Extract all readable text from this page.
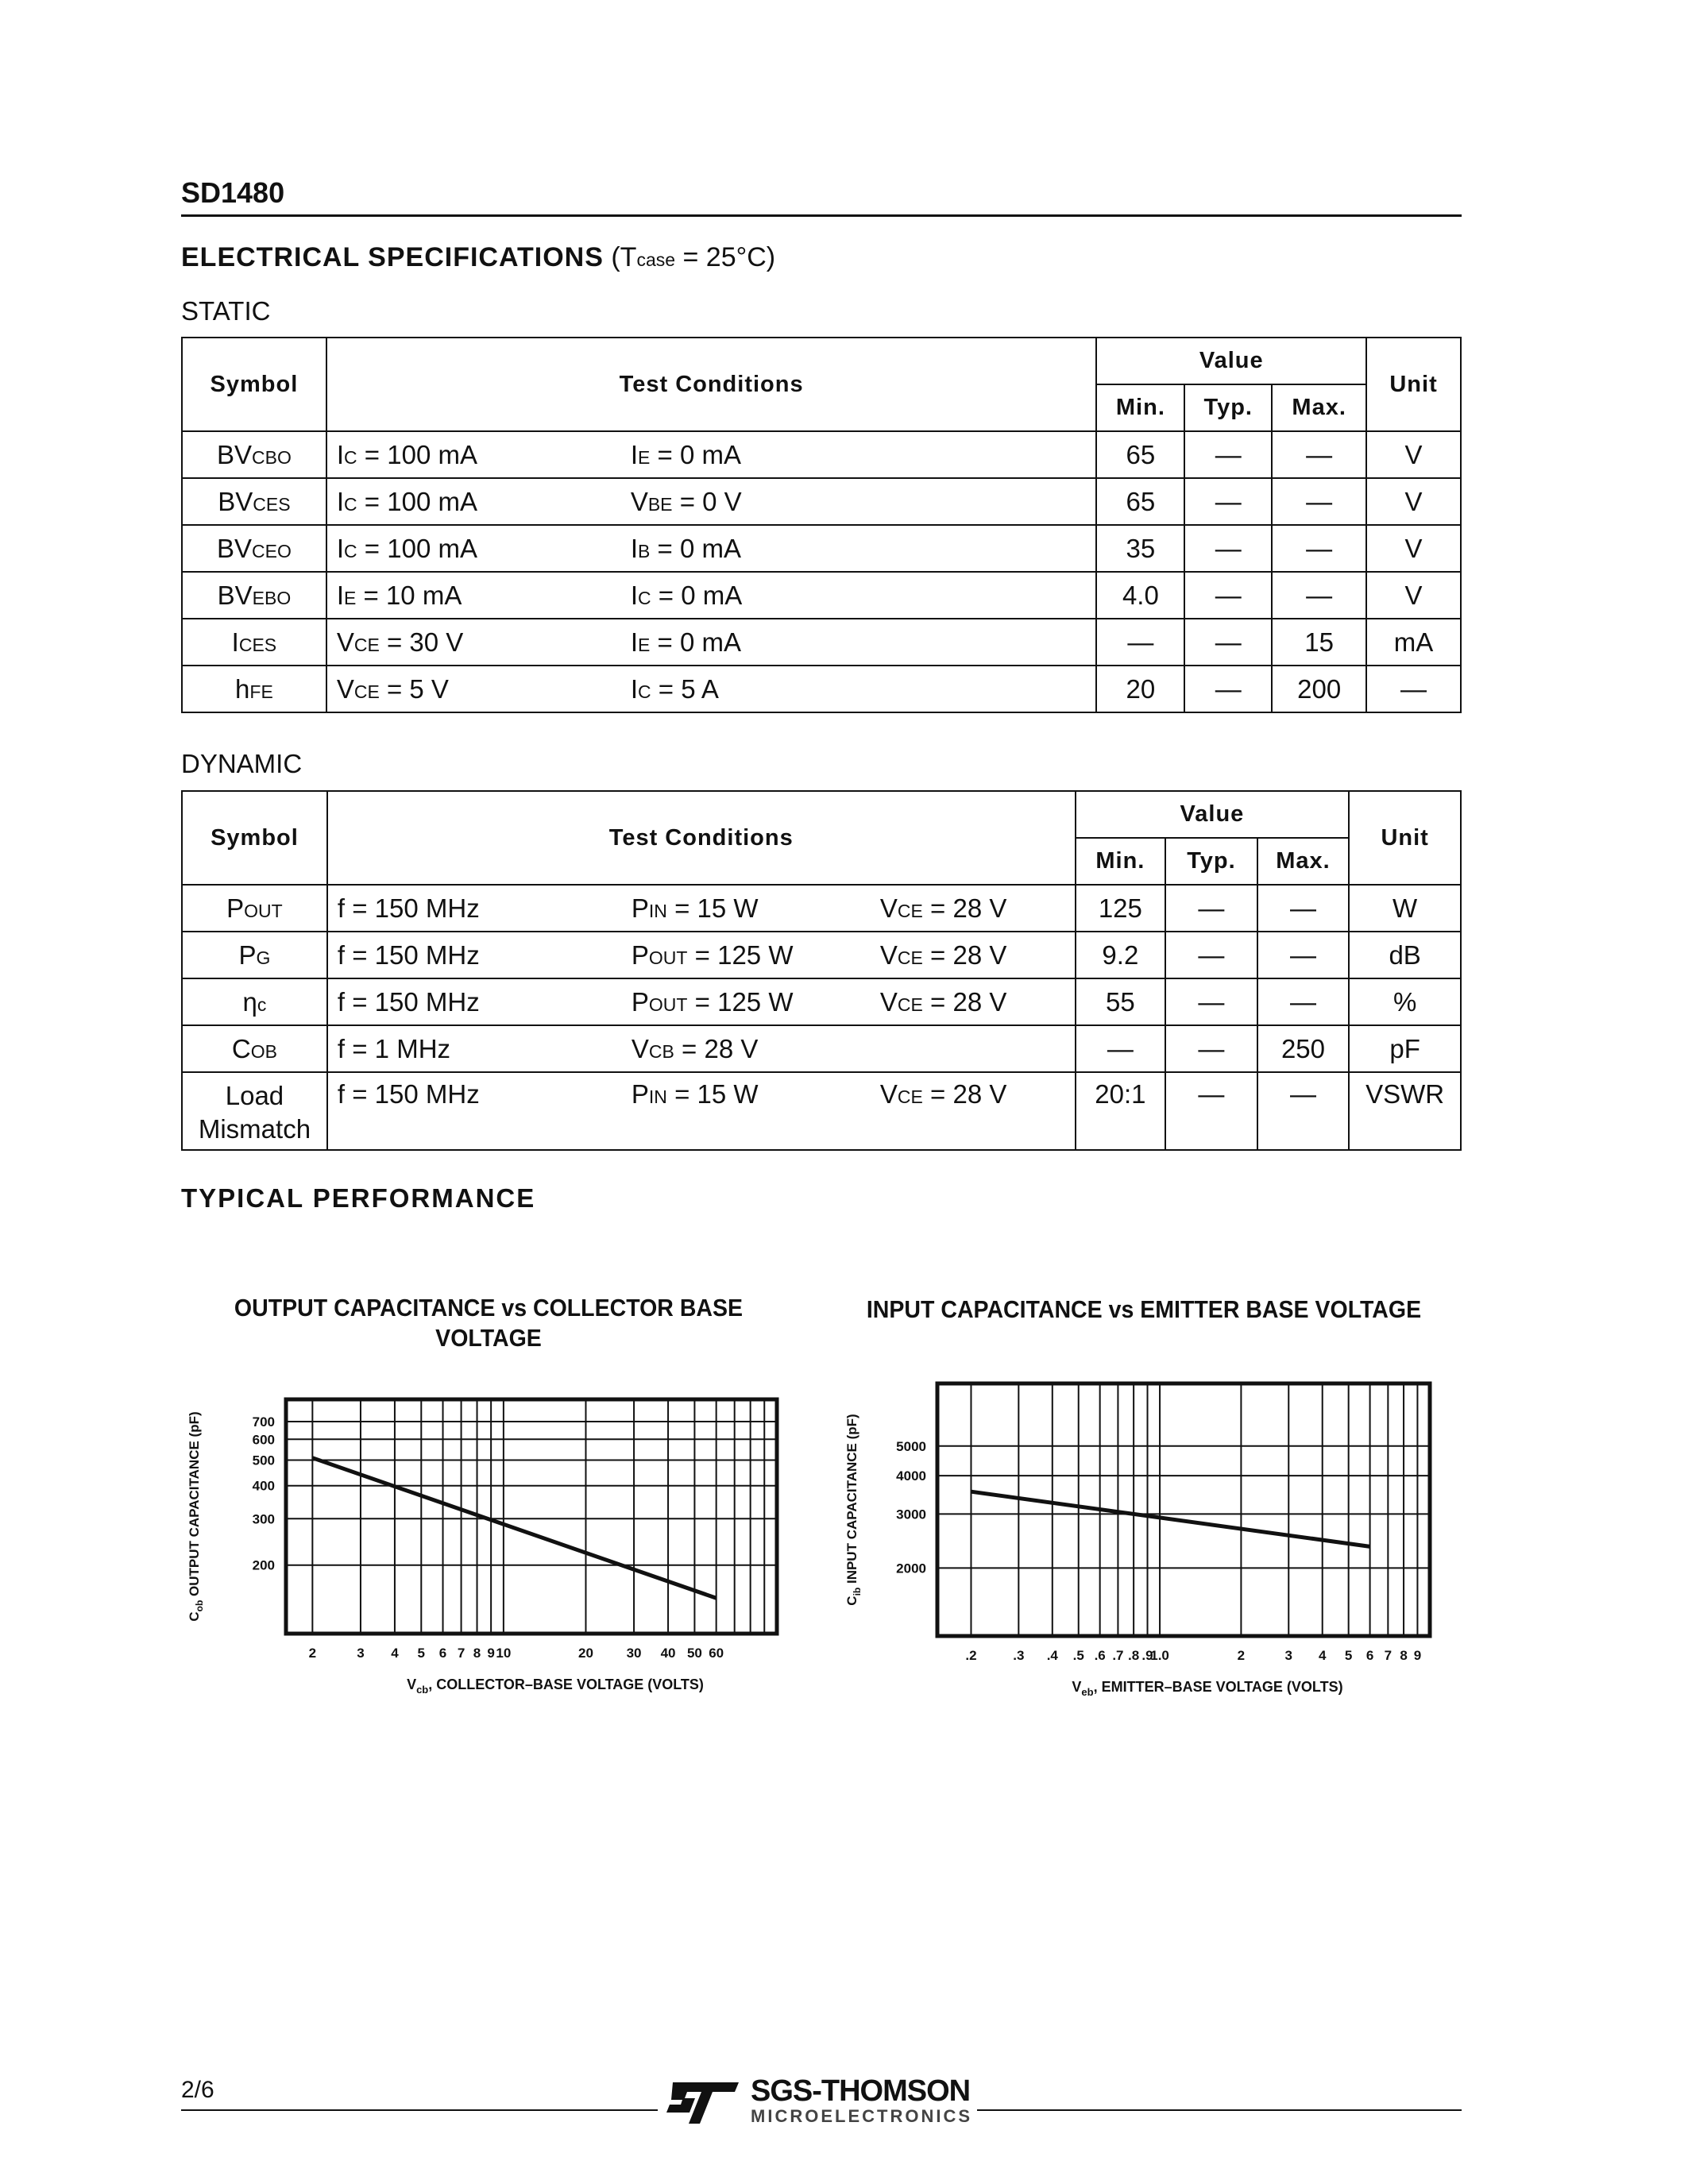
SD1480
ELECTRICAL SPECIFICATIONS (Tcase = 25°C)
STATIC
Symbol	Test Conditions	Value			Unit
		Min.	Typ.	Max.	
BVCBO	IC = 100 mA IE = 0 mA	65	—	—	V
BVCES	IC = 100 mA VBE = 0 V	65	—	—	V
BVCEO	IC = 100 mA IB = 0 mA	35	—	—	V
BVEBO	IE = 10 mA IC = 0 mA	4.0	—	—	V
ICES	VCE = 30 V IE = 0 mA	—	—	15	mA
hFE	VCE = 5 V IC = 5 A	20	—	200	—
DYNAMIC
Symbol	Test Conditions	Value			Unit
		Min.	Typ.	Max.	
POUT	f = 150 MHz PIN = 15 W VCE = 28 V	125	—	—	W
PG	f = 150 MHz POUT = 125 W VCE = 28 V	9.2	—	—	dB
ηc	f = 150 MHz POUT = 125 W VCE = 28 V	55	—	—	%
COB	f = 1 MHz VCB = 28 V	—	—	250	pF
Load Mismatch	f = 150 MHz PIN = 15 W VCE = 28 V	20:1	—	—	VSWR
TYPICAL PERFORMANCE
OUTPUT CAPACITANCE vs COLLECTOR BASE VOLTAGE
INPUT CAPACITANCE vs EMITTER BASE VOLTAGE
2	3 4 5 6 7 8 9 10	20 30 40 50 60
200
300
400
500
600
700
$V_{cb}$, COLLECTOR–BASE VOLTAGE (VOLTS)
$C_{ob}$ OUTPUT CAPACITANCE (pF)
.2	.3 .4 .5 .6 .7 .8 .9
1.0	2	3 4 5 6 7 8 9
2000
3000
4000
5000
$V_{eb}$, EMITTER–BASE VOLTAGE (VOLTS)
$C_{ib}$ INPUT CAPACITANCE (pF)
2/6	SGS-THOMSON
MICROELECTRONICS
